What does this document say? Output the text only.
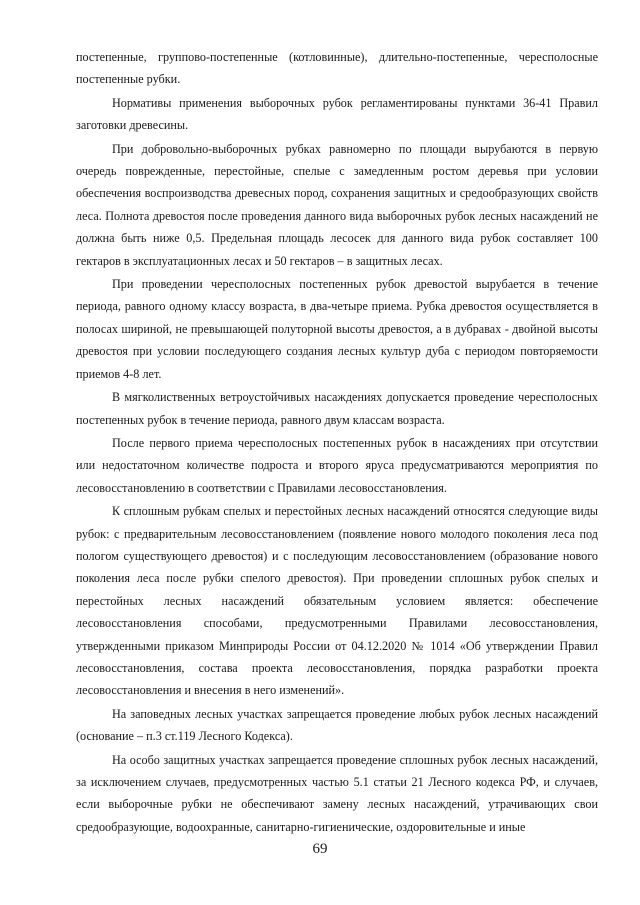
постепенные, группово-постепенные (котловинные), длительно-постепенные, чересполосные постепенные рубки.

Нормативы применения выборочных рубок регламентированы пунктами 36-41 Правил заготовки древесины.

При добровольно-выборочных рубках равномерно по площади вырубаются в первую очередь поврежденные, перестойные, спелые с замедленным ростом деревья при условии обеспечения воспроизводства древесных пород, сохранения защитных и средообразующих свойств леса. Полнота древостоя после проведения данного вида выборочных рубок лесных насаждений не должна быть ниже 0,5. Предельная площадь лесосек для данного вида рубок составляет 100 гектаров в эксплуатационных лесах и 50 гектаров – в защитных лесах.

При проведении чересполосных постепенных рубок древостой вырубается в течение периода, равного одному классу возраста, в два-четыре приема. Рубка древостоя осуществляется в полосах шириной, не превышающей полуторной высоты древостоя, а в дубравах - двойной высоты древостоя при условии последующего создания лесных культур дуба с периодом повторяемости приемов 4-8 лет.

В мягколиственных ветроустойчивых насаждениях допускается проведение чересполосных постепенных рубок в течение периода, равного двум классам возраста.

После первого приема чересполосных постепенных рубок в насаждениях при отсутствии или недостаточном количестве подроста и второго яруса предусматриваются мероприятия по лесовосстановлению в соответствии с Правилами лесовосстановления.

К сплошным рубкам спелых и перестойных лесных насаждений относятся следующие виды рубок: с предварительным лесовосстановлением (появление нового молодого поколения леса под пологом существующего древостоя) и с последующим лесовосстановлением (образование нового поколения леса после рубки спелого древостоя). При проведении сплошных рубок спелых и перестойных лесных насаждений обязательным условием является: обеспечение лесовосстановления способами, предусмотренными Правилами лесовосстановления, утвержденными приказом Минприроды России от 04.12.2020 № 1014 «Об утверждении Правил лесовосстановления, состава проекта лесовосстановления, порядка разработки проекта лесовосстановления и внесения в него изменений».

На заповедных лесных участках запрещается проведение любых рубок лесных насаждений (основание – п.3 ст.119 Лесного Кодекса).

На особо защитных участках запрещается проведение сплошных рубок лесных насаждений, за исключением случаев, предусмотренных частью 5.1 статьи 21 Лесного кодекса РФ, и случаев, если выборочные рубки не обеспечивают замену лесных насаждений, утрачивающих свои средообразующие, водоохранные, санитарно-гигиенические, оздоровительные и иные

69
